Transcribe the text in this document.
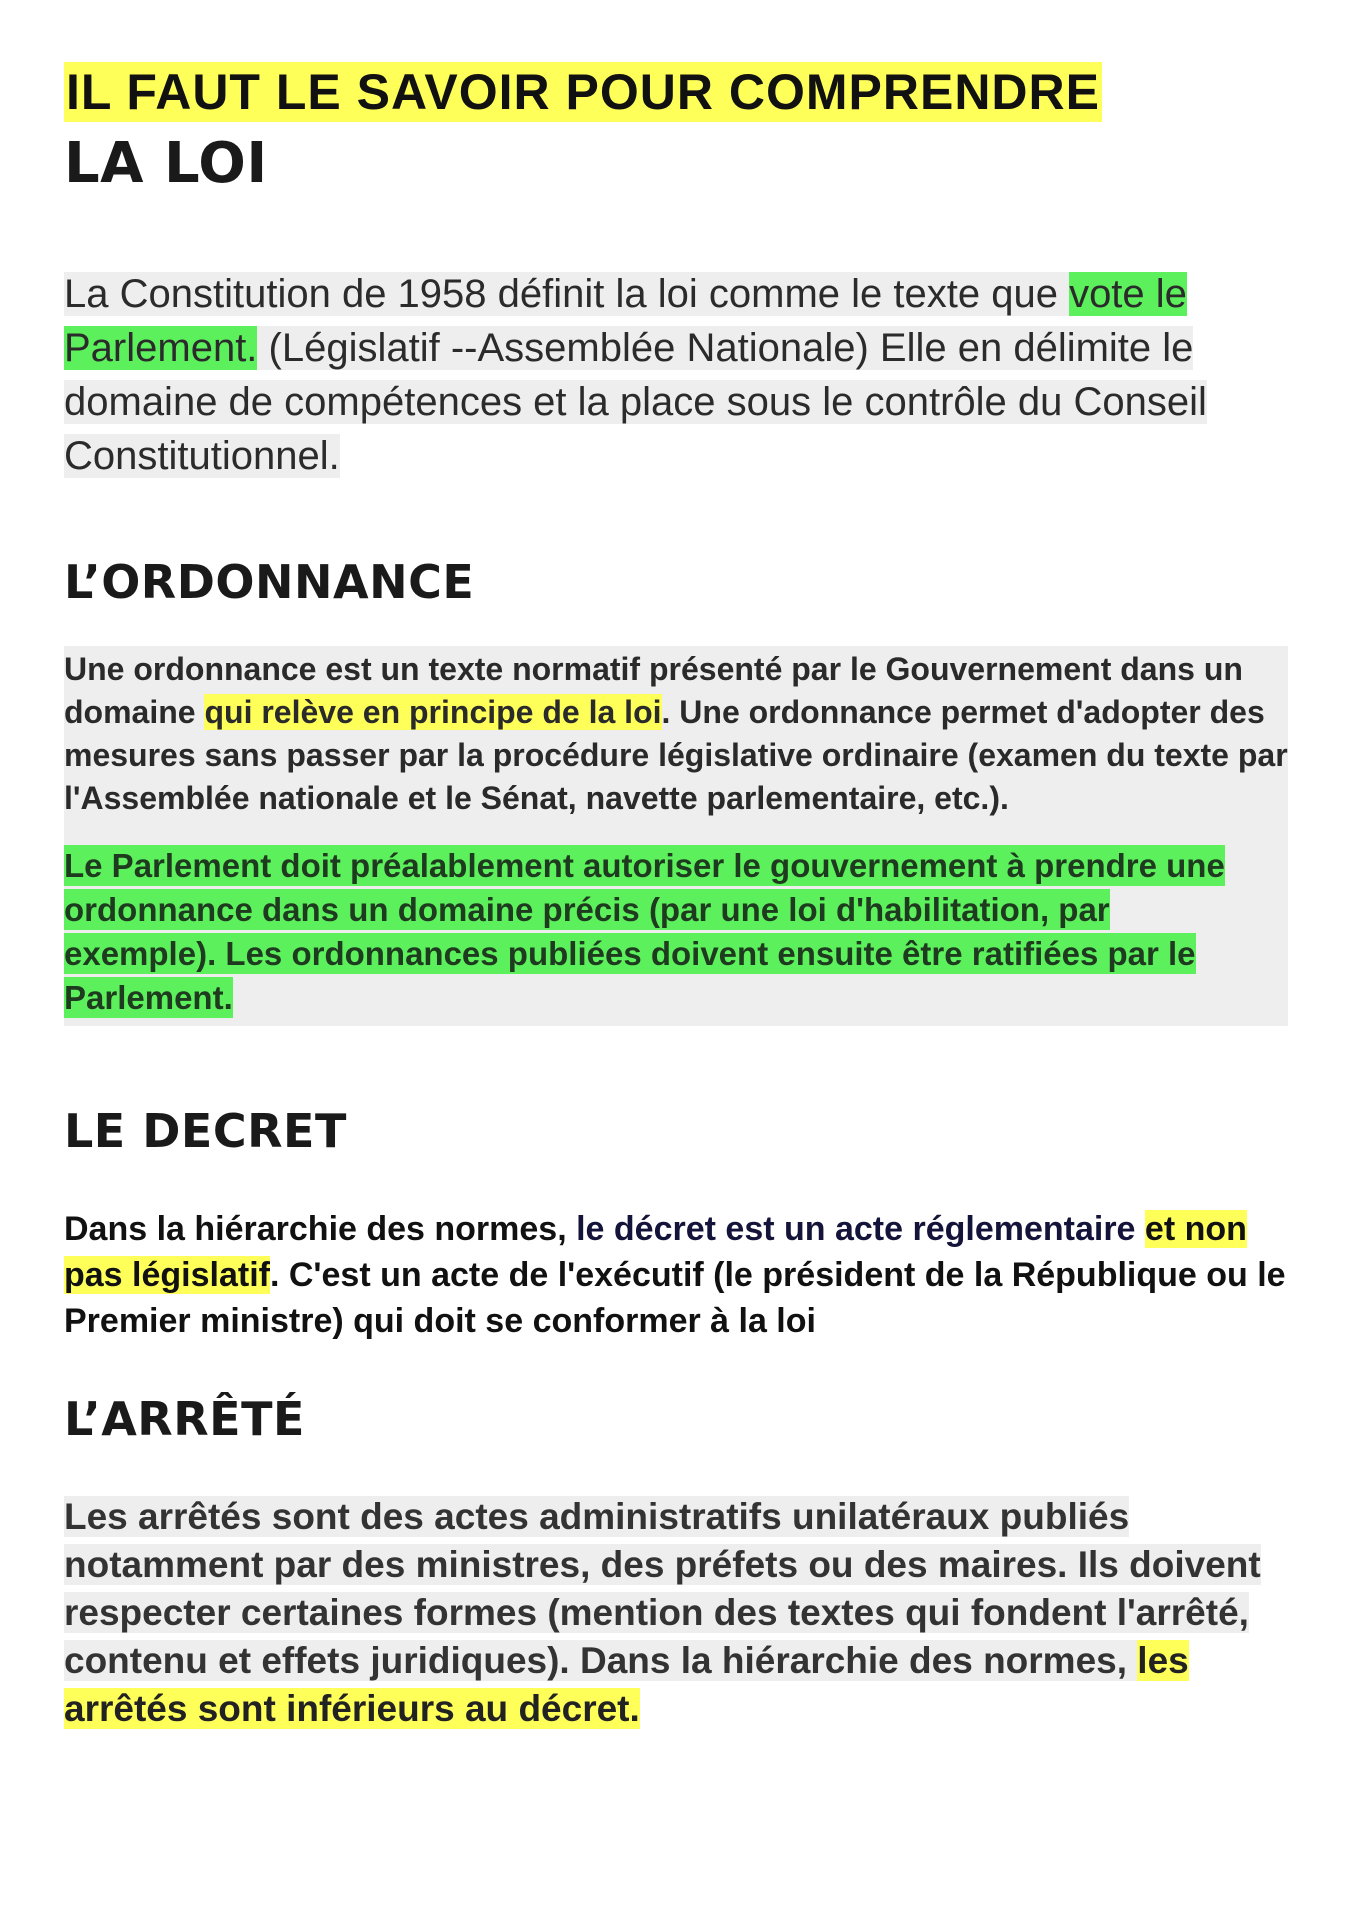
IL FAUT LE SAVOIR POUR COMPRENDRE
LA LOI

La Constitution de 1958 définit la loi comme le texte que vote le Parlement. (Législatif --Assemblée Nationale) Elle en délimite le domaine de compétences et la place sous le contrôle du Conseil Constitutionnel.

L’ORDONNANCE

Une ordonnance est un texte normatif présenté par le Gouvernement dans un domaine qui relève en principe de la loi. Une ordonnance permet d'adopter des mesures sans passer par la procédure législative ordinaire (examen du texte par l'Assemblée nationale et le Sénat, navette parlementaire, etc.).

Le Parlement doit préalablement autoriser le gouvernement à prendre une ordonnance dans un domaine précis (par une loi d'habilitation, par exemple). Les ordonnances publiées doivent ensuite être ratifiées par le Parlement.

LE DECRET

Dans la hiérarchie des normes, le décret est un acte réglementaire et non pas législatif. C'est un acte de l'exécutif (le président de la République ou le Premier ministre) qui doit se conformer à la loi

L’ARRÊTÉ

Les arrêtés sont des actes administratifs unilatéraux publiés notamment par des ministres, des préfets ou des maires. Ils doivent respecter certaines formes (mention des textes qui fondent l'arrêté, contenu et effets juridiques). Dans la hiérarchie des normes, les arrêtés sont inférieurs au décret.
